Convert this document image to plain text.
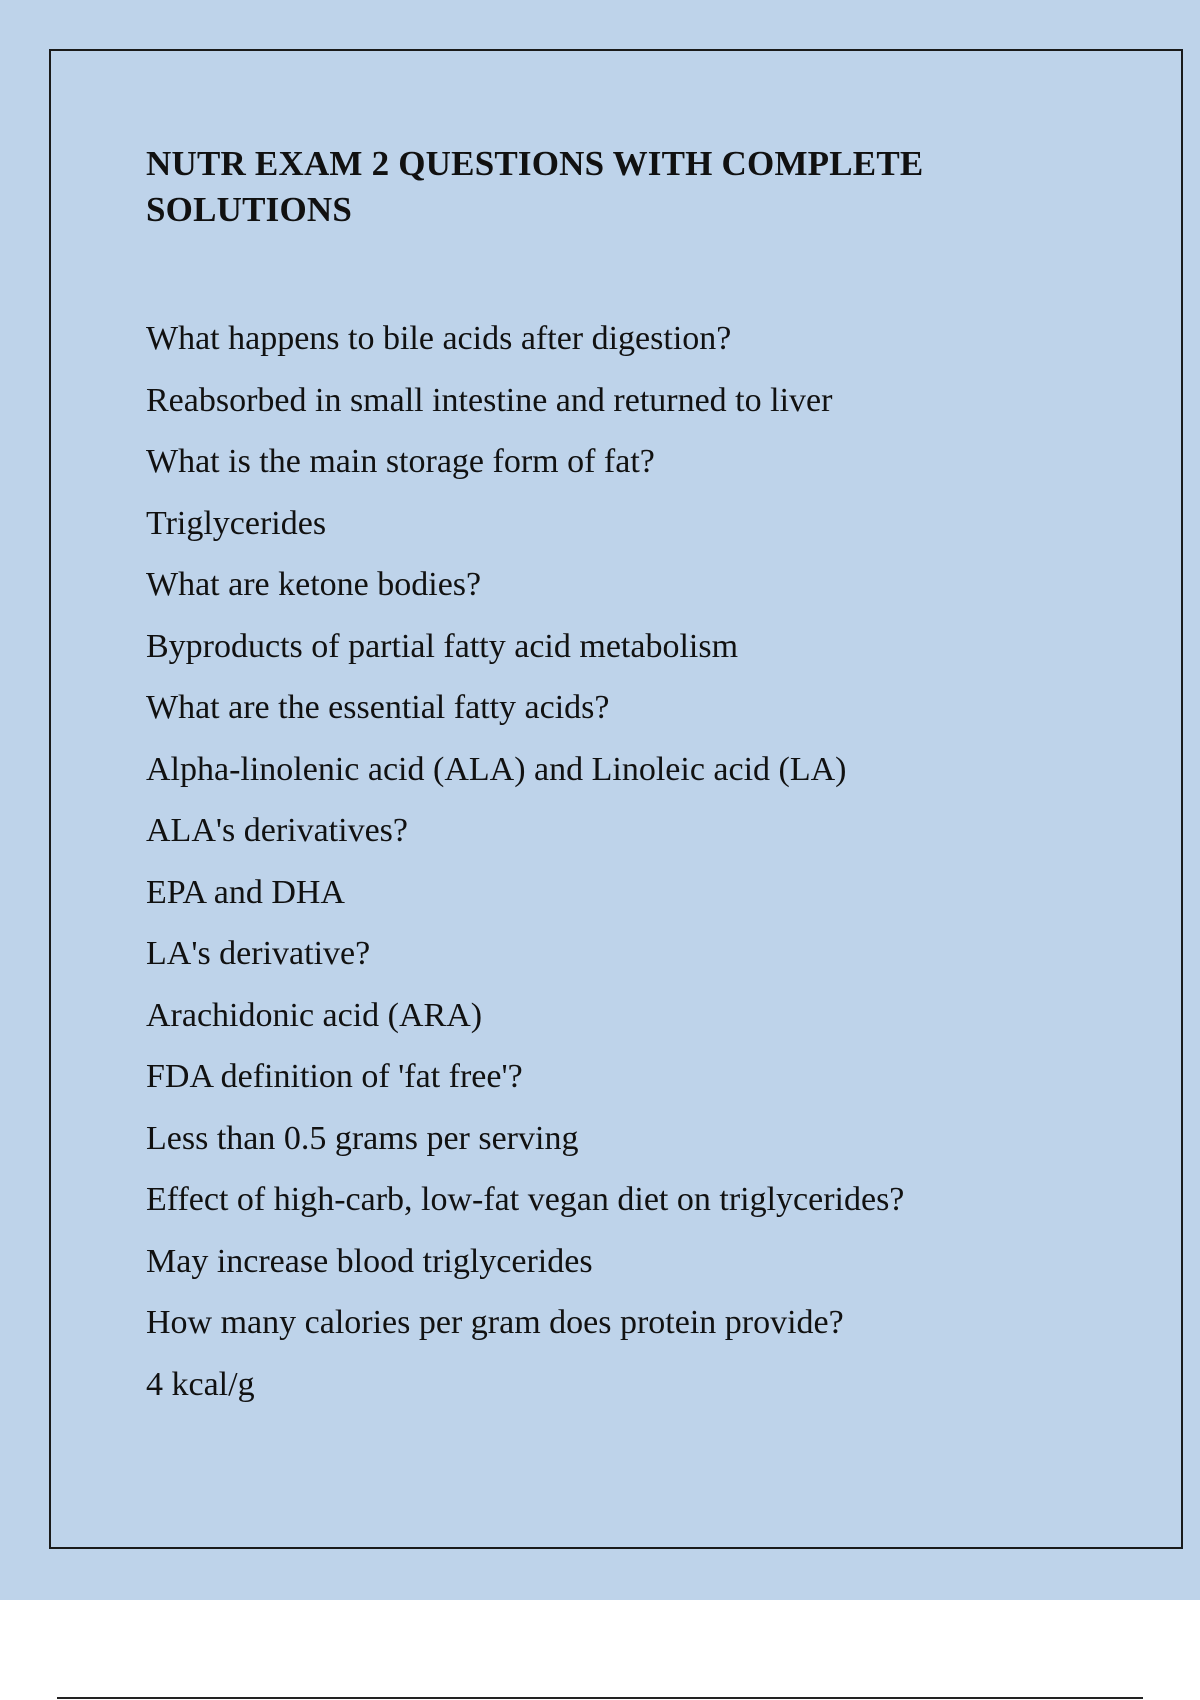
NUTR EXAM 2 QUESTIONS WITH COMPLETE SOLUTIONS
What happens to bile acids after digestion?
Reabsorbed in small intestine and returned to liver
What is the main storage form of fat?
Triglycerides
What are ketone bodies?
Byproducts of partial fatty acid metabolism
What are the essential fatty acids?
Alpha-linolenic acid (ALA) and Linoleic acid (LA)
ALA's derivatives?
EPA and DHA
LA's derivative?
Arachidonic acid (ARA)
FDA definition of 'fat free'?
Less than 0.5 grams per serving
Effect of high-carb, low-fat vegan diet on triglycerides?
May increase blood triglycerides
How many calories per gram does protein provide?
4 kcal/g
